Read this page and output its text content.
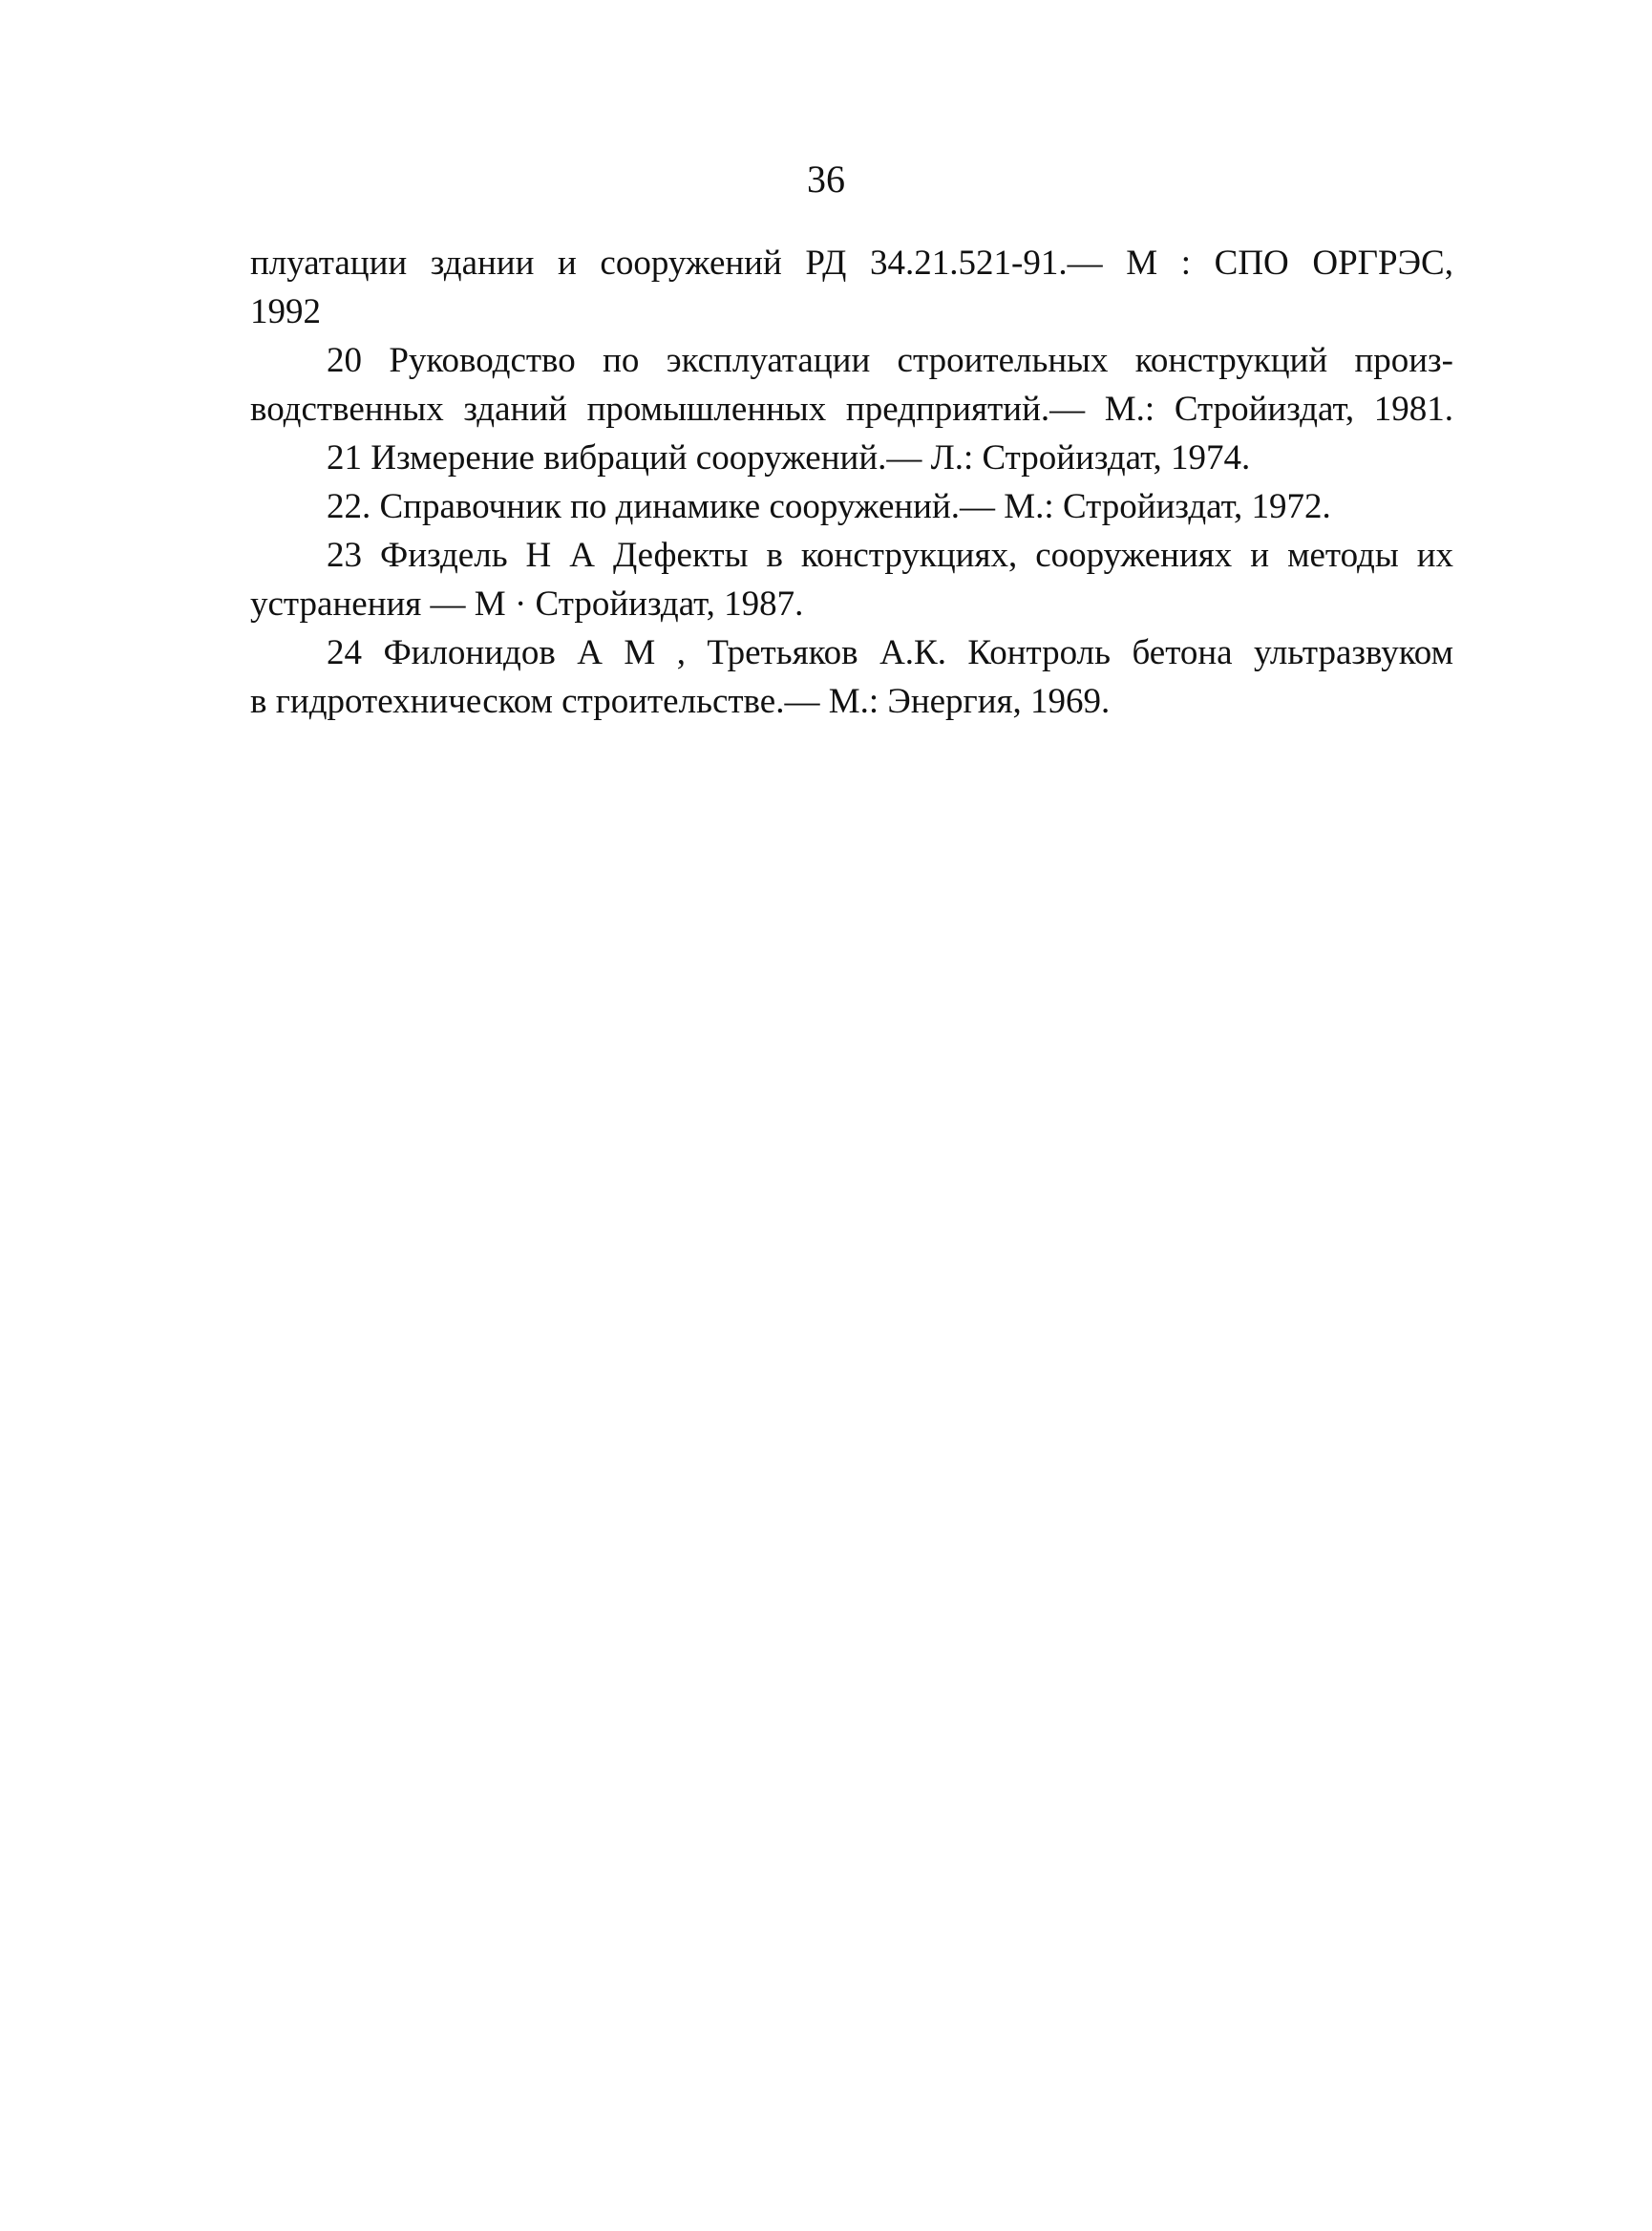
36
плуатации здании и сооружений РД 34.21.521-91.— М : СПО ОРГРЭС,
1992
20 Руководство по эксплуатации строительных конструкций произ-
водственных зданий промышленных предприятий.— М.: Стройиздат, 1981.
21 Измерение вибраций сооружений.— Л.: Стройиздат, 1974.
22. Справочник по динамике сооружений.— М.: Стройиздат, 1972.
23 Физдель Н А Дефекты в конструкциях, сооружениях и методы их
устранения — М · Стройиздат, 1987.
24 Филонидов А М , Третьяков А.К. Контроль бетона ультразвуком
в гидротехническом строительстве.— М.: Энергия, 1969.
